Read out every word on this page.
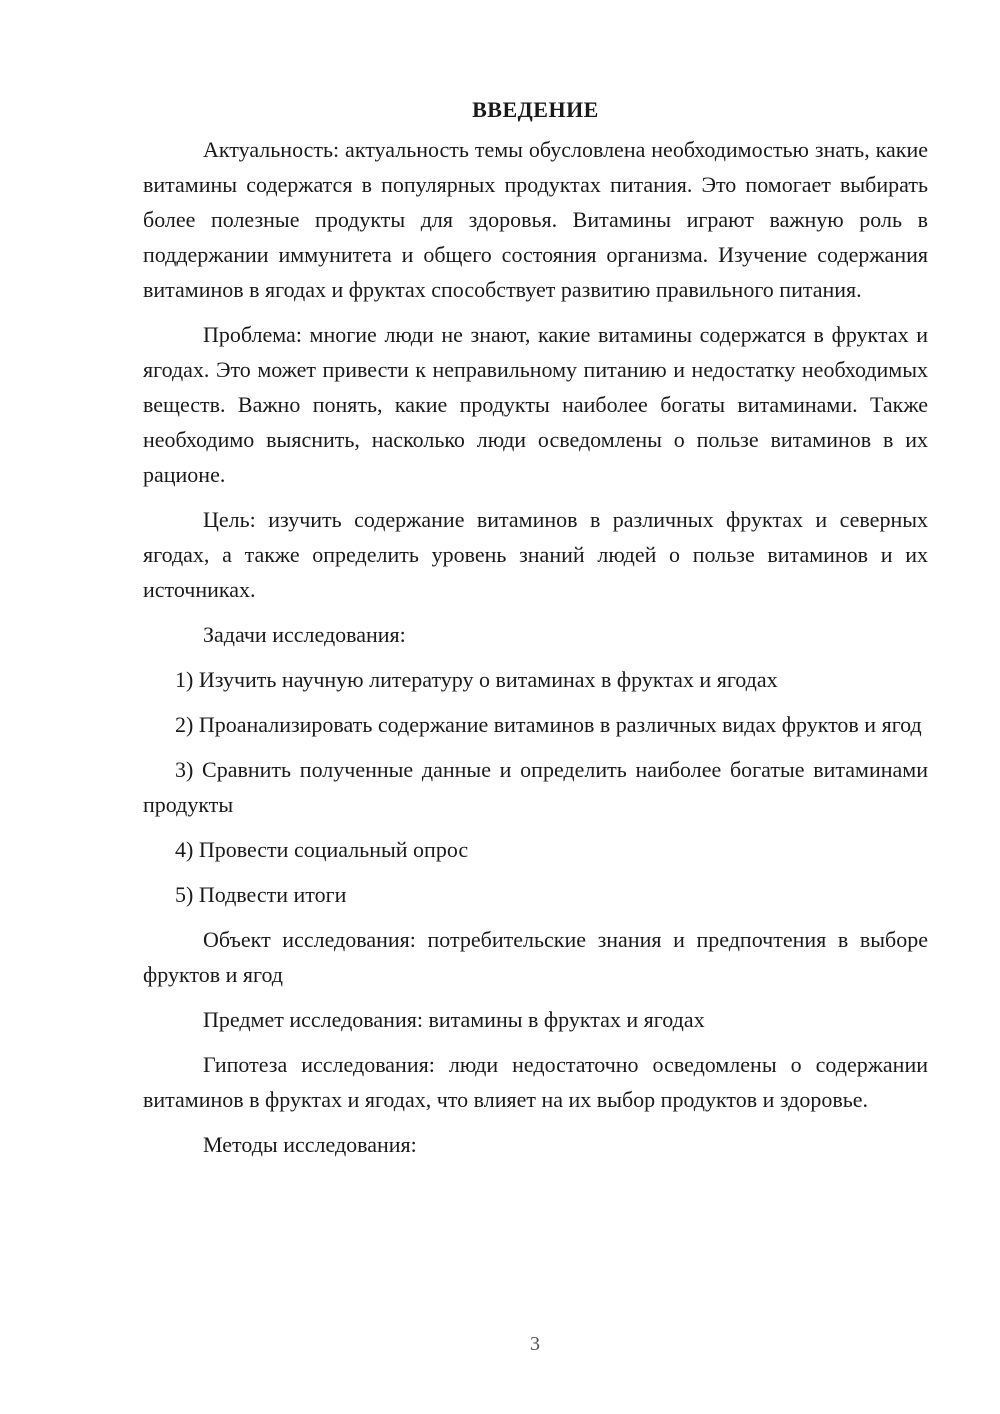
ВВЕДЕНИЕ

Актуальность: актуальность темы обусловлена необходимостью знать, какие витамины содержатся в популярных продуктах питания. Это помогает выбирать более полезные продукты для здоровья. Витамины играют важную роль в поддержании иммунитета и общего состояния организма. Изучение содержания витаминов в ягодах и фруктах способствует развитию правильного питания.

Проблема: многие люди не знают, какие витамины содержатся в фруктах и ягодах. Это может привести к неправильному питанию и недостатку необходимых веществ. Важно понять, какие продукты наиболее богаты витаминами. Также необходимо выяснить, насколько люди осведомлены о пользе витаминов в их рационе.

Цель: изучить содержание витаминов в различных фруктах и северных ягодах, а также определить уровень знаний людей о пользе витаминов и их источниках.

Задачи исследования:

1) Изучить научную литературу о витаминах в фруктах и ягодах

2) Проанализировать содержание витаминов в различных видах фруктов и ягод

3) Сравнить полученные данные и определить наиболее богатые витаминами продукты

4) Провести социальный опрос

5) Подвести итоги

Объект исследования: потребительские знания и предпочтения в выборе фруктов и ягод

Предмет исследования: витамины в фруктах и ягодах

Гипотеза исследования: люди недостаточно осведомлены о содержании витаминов в фруктах и ягодах, что влияет на их выбор продуктов и здоровье.

Методы исследования:

3
